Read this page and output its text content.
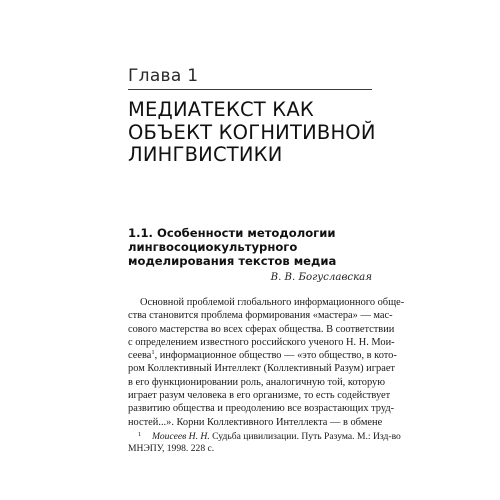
Глава 1
МЕДИАТЕКСТ КАК
ОБЪЕКТ КОГНИТИВНОЙ
ЛИНГВИСТИКИ
1.1. Особенности методологии
лингвосоциокультурного
моделирования текстов медиа
В. В. Богуславская
Основной проблемой глобального информационного обще-
ства становится проблема формирования «мастера» — мас-
сового мастерства во всех сферах общества. В соответствии
с определением известного российского ученого Н. Н. Мои-
сеева$^1$, информационное общество — «это общество, в кото-
ром Коллективный Интеллект (Коллективный Разум) играет
в его функционировании роль, аналогичную той, которую
играет разум человека в его организме, то есть содействует
развитию общества и преодолению все возрастающих труд-
ностей...». Корни Коллективного Интеллекта — в обмене
1 Моисеев Н. Н. Судьба цивилизации. Путь Разума. М.: Изд-во
МНЭПУ, 1998. 228 с.
